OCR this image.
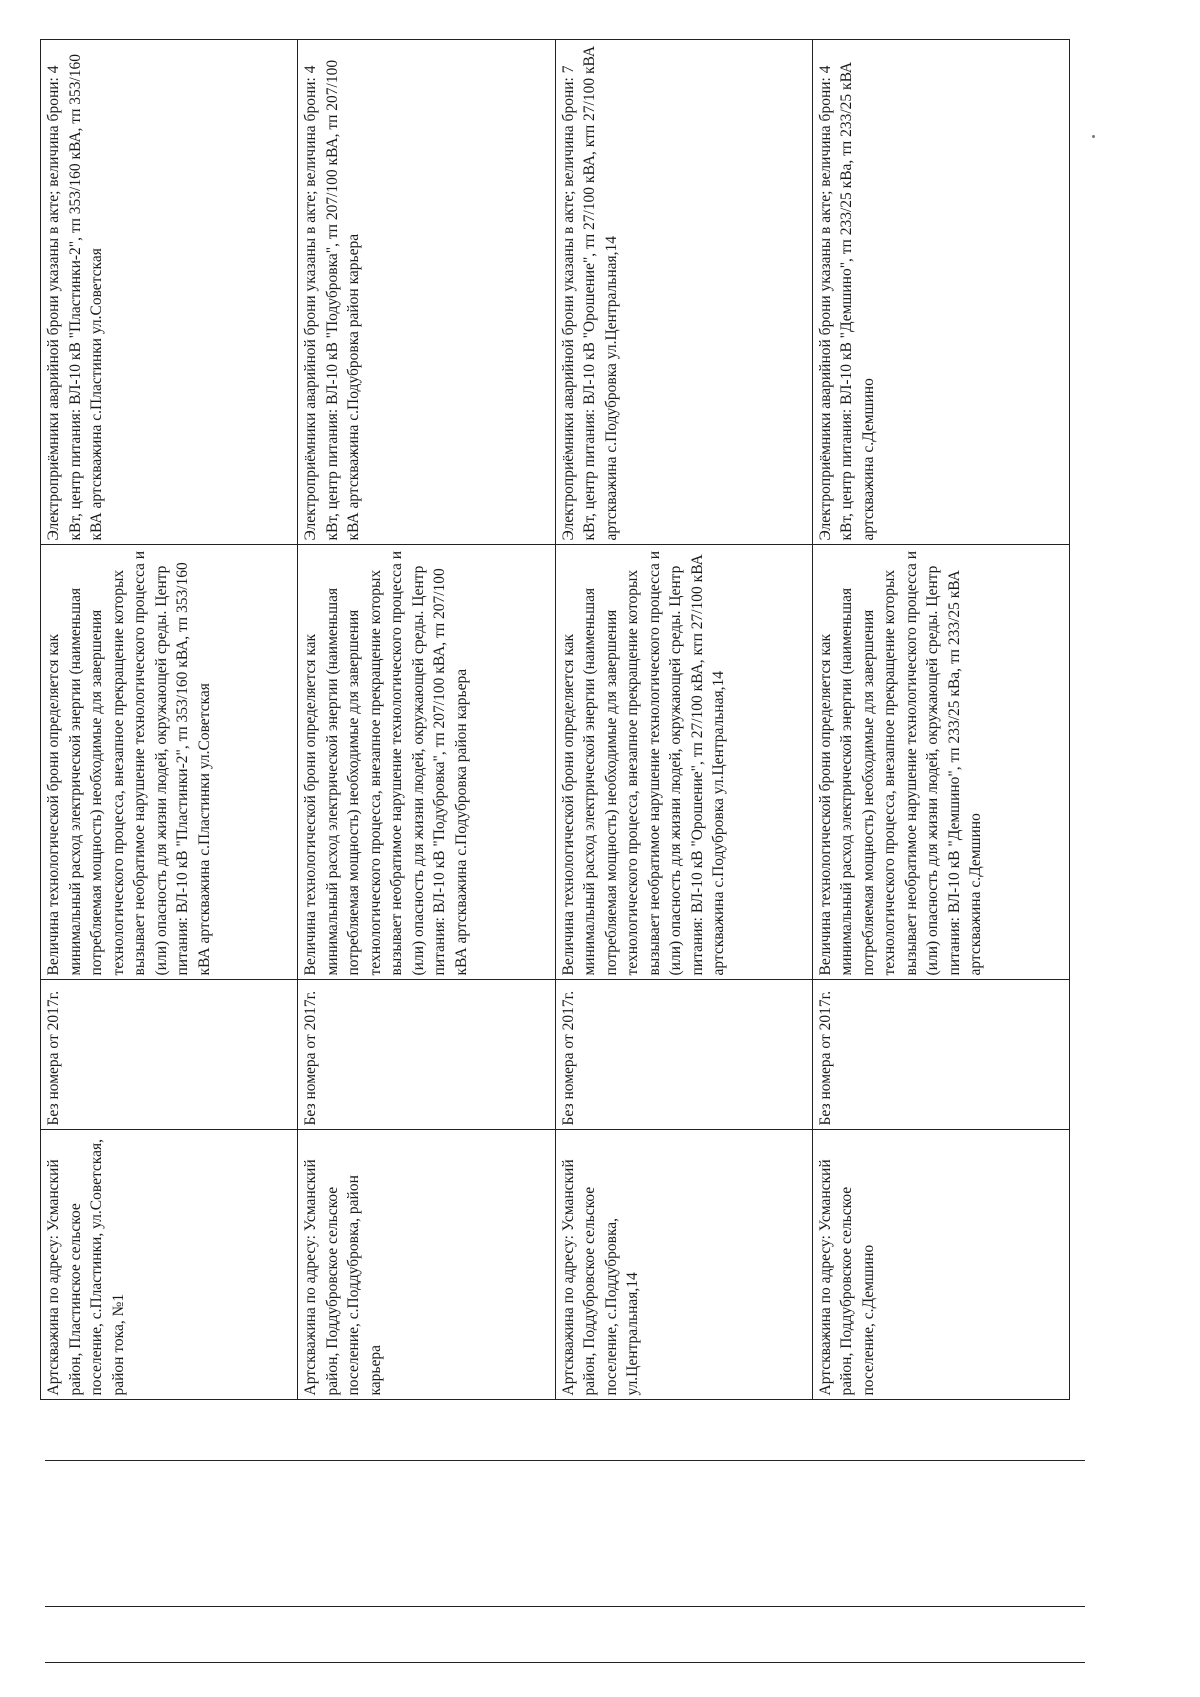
	Артскважина по адресу: Усманский район, Пластинское сельское поселение, с.Пластинки, ул.Советская, район тока, №1	Без номера от 2017г.	Величина технологической брони определяется как минимальный расход электрической энергии (наименьшая потребляемая мощность) необходимые для завершения технологического процесса, внезапное прекращение которых вызывает необратимое нарушение технологического процесса и (или) опасность для жизни людей, окружающей среды. Центр питания: ВЛ-10 кВ "Пластинки-2", тп 353/160 кВА, тп 353/160 кВА артскважина с.Пластинки ул.Советская	Электроприёмники аварийной брони указаны в акте; величина брони: 4 кВт, центр питания: ВЛ-10 кВ "Пластинки-2", тп 353/160 кВА, тп 353/160 кВА артскважина с.Пластинки ул.Советская
	Артскважина по адресу: Усманский район, Поддубровское сельское поселение, с.Поддубровка, район карьера	Без номера от 2017г.	Величина технологической брони определяется как минимальный расход электрической энергии (наименьшая потребляемая мощность) необходимые для завершения технологического процесса, внезапное прекращение которых вызывает необратимое нарушение технологического процесса и (или) опасность для жизни людей, окружающей среды. Центр питания: ВЛ-10 кВ "Подубровка", тп 207/100 кВА, тп 207/100 кВА артскважина с.Подубровка район карьера	Электроприёмники аварийной брони указаны в акте; величина брони: 4 кВт, центр питания: ВЛ-10 кВ "Подубровка", тп 207/100 кВА, тп 207/100 кВА артскважина с.Подубровка район карьера
	Артскважина по адресу: Усманский район, Поддубровское сельское поселение, с.Поддубровка, ул.Центральная,14	Без номера от 2017г.	Величина технологической брони определяется как минимальный расход электрической энергии (наименьшая потребляемая мощность) необходимые для завершения технологического процесса, внезапное прекращение которых вызывает необратимое нарушение технологического процесса и (или) опасность для жизни людей, окружающей среды. Центр питания: ВЛ-10 кВ "Орошение", тп 27/100 кВА, ктп 27/100 кВА артскважина с.Подубровка ул.Центральная,14	Электроприёмники аварийной брони указаны в акте; величина брони: 7 кВт, центр питания: ВЛ-10 кВ "Орошение", тп 27/100 кВА, ктп 27/100 кВА артскважина с.Подубровка ул.Центральная,14
	Артскважина по адресу: Усманский район, Поддубровское сельское поселение, с.Демшино	Без номера от 2017г.	Величина технологической брони определяется как минимальный расход электрической энергии (наименьшая потребляемая мощность) необходимые для завершения технологического процесса, внезапное прекращение которых вызывает необратимое нарушение технологического процесса и (или) опасность для жизни людей, окружающей среды. Центр питания: ВЛ-10 кВ "Демшино", тп 233/25 кВа, тп 233/25 кВА артскважина с.Демшино	Электроприёмники аварийной брони указаны в акте; величина брони: 4 кВт, центр питания: ВЛ-10 кВ "Демшино", тп 233/25 кВа, тп 233/25 кВА артскважина с.Демшино
